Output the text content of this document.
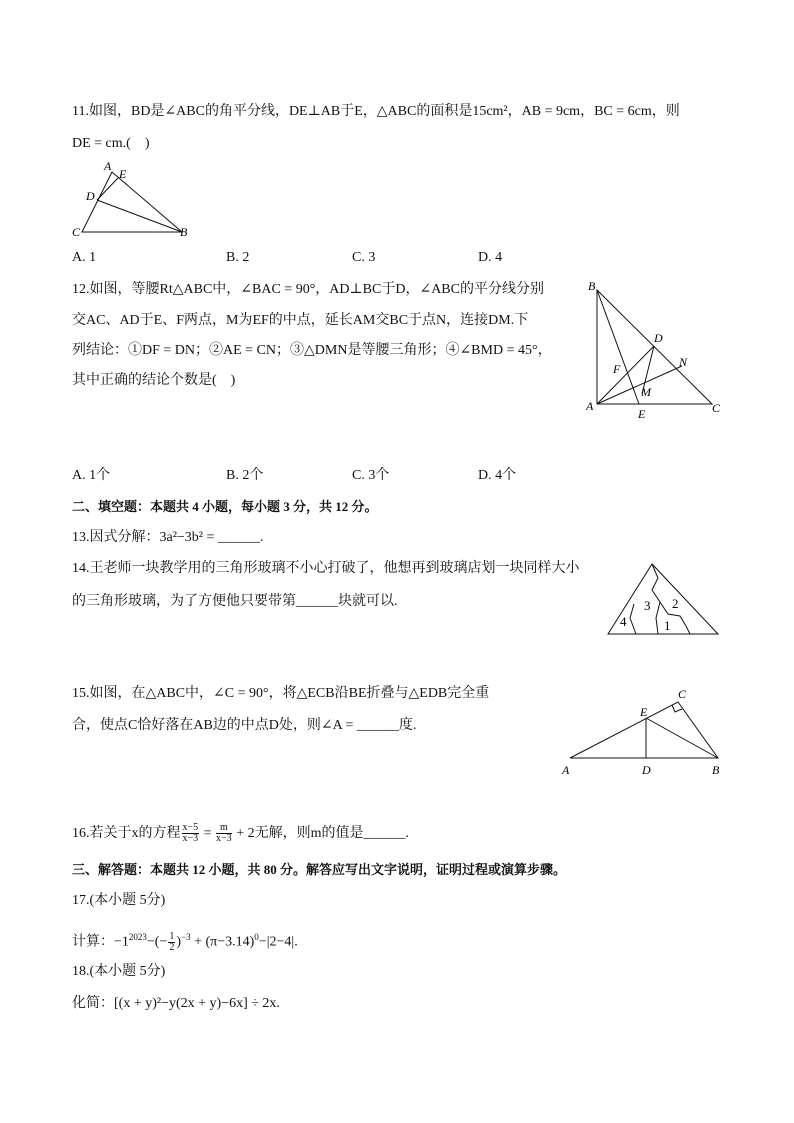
11.如图，BD是∠ABC的角平分线，DE⊥AB于E，△ABC的面积是15cm²，AB = 9cm，BC = 6cm，则
DE = cm.(　)
A
E
D
C	B
A. 1	B. 2	C. 3	D. 4
12.如图，等腰Rt△ABC中，∠BAC = 90°，AD⊥BC于D，∠ABC的平分线分别
交AC、AD于E、F两点，M为EF的中点，延长AM交BC于点N，连接DM.下
列结论：①DF = DN；②AE = CN；③△DMN是等腰三角形；④∠BMD = 45°，
其中正确的结论个数是(　)
B
D
N
F
M
A
E	C
A. 1个	B. 2个	C. 3个	D. 4个
二、填空题：本题共 4 小题，每小题 3 分，共 12 分。
13.因式分解：3a²−3b² = ______.
14.王老师一块教学用的三角形玻璃不小心打破了，他想再到玻璃店划一块同样大小
的三角形玻璃，为了方便他只要带第______块就可以.
1
2
3
4
15.如图，在△ABC中，∠C = 90°，将△ECB沿BE折叠与△EDB完全重
合，使点C恰好落在AB边的中点D处，则∠A = ______度.
C
E
A	D	B
16.若关于x的方程 $\frac{x-5}{x-3} = \frac{m}{x-3} + 2$无解，则m的值是______.
三、解答题：本题共 12 小题，共 80 分。解答应写出文字说明，证明过程或演算步骤。
17.(本小题 5分)
计算：$-1^{2023}-(- \frac{1}{2} )^{-3} + (\pi-3.14)^0-|2-4|$.
18.(本小题 5分)
化简：[(x + y)²−y(2x + y)−6x] ÷ 2x.
